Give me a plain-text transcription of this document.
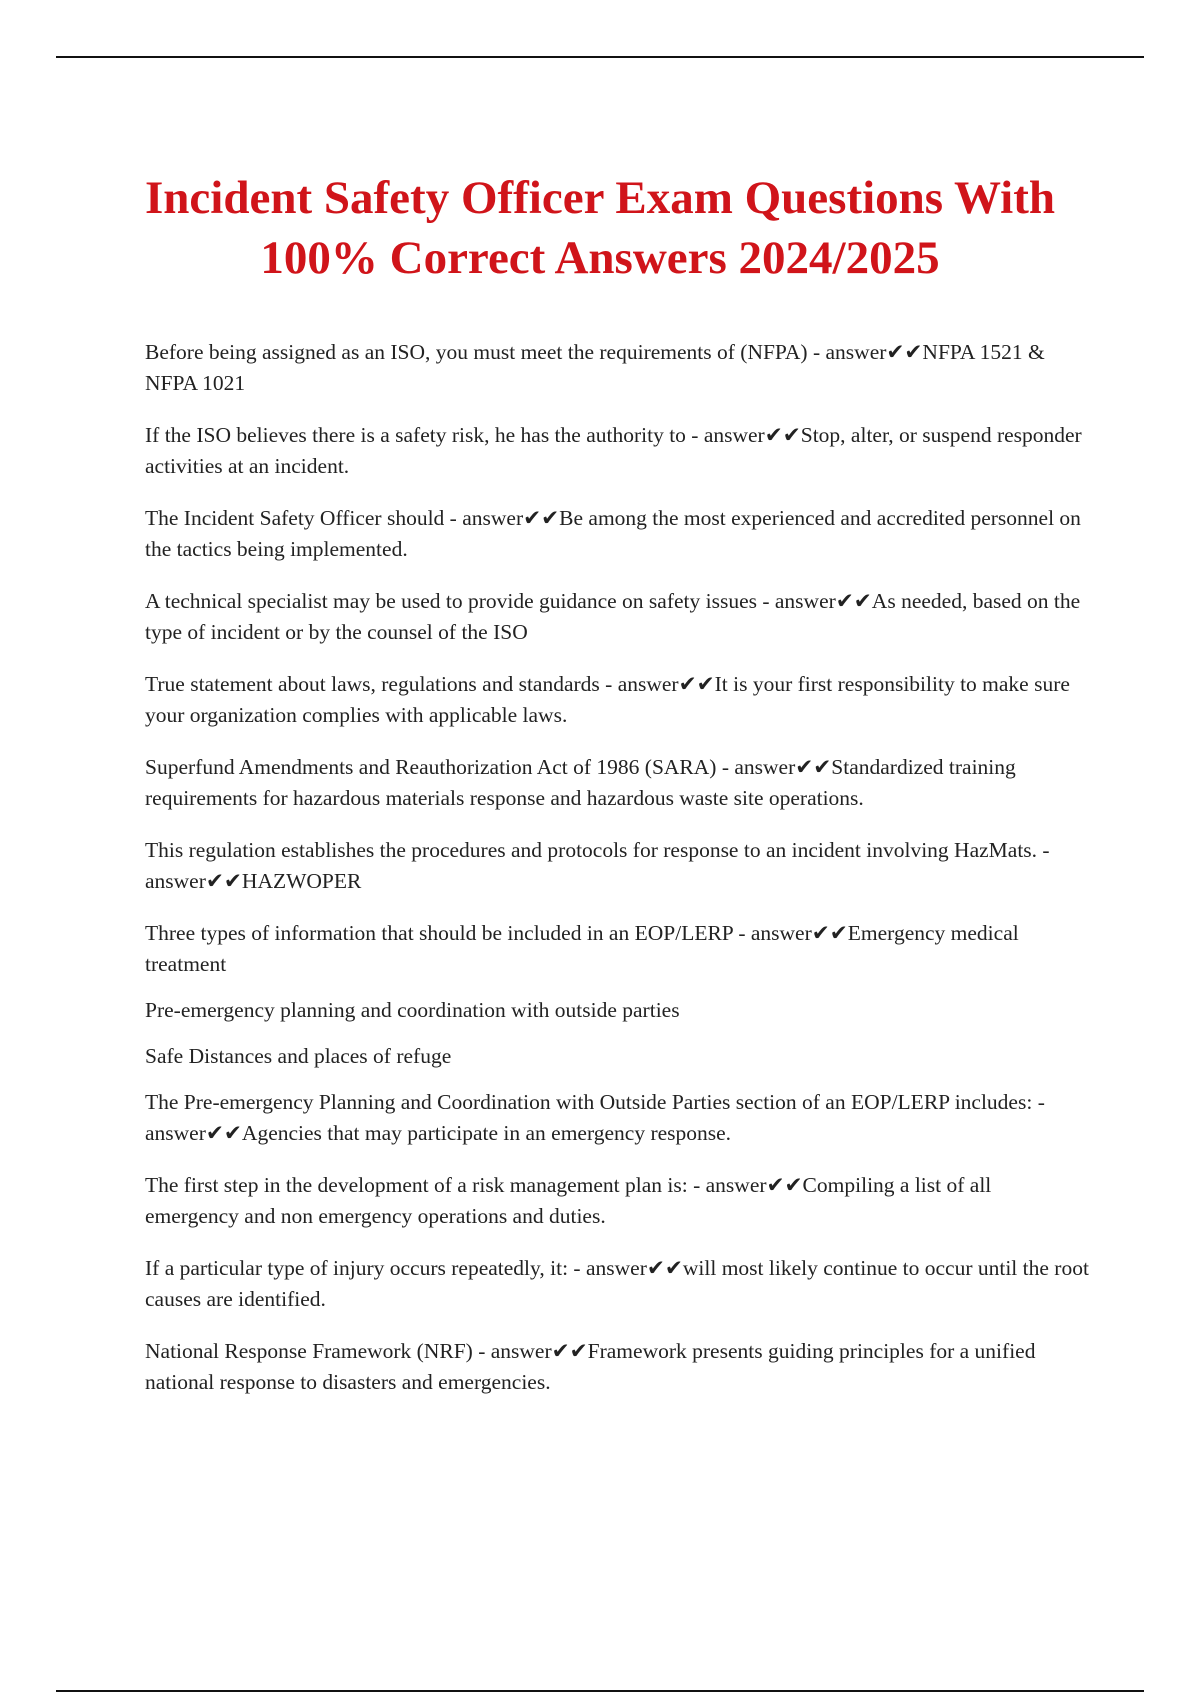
Incident Safety Officer Exam Questions With
100% Correct Answers 2024/2025

Before being assigned as an ISO, you must meet the requirements of (NFPA) - answer✔✔NFPA 1521 & NFPA 1021

If the ISO believes there is a safety risk, he has the authority to - answer✔✔Stop, alter, or suspend responder activities at an incident.

The Incident Safety Officer should - answer✔✔Be among the most experienced and accredited personnel on the tactics being implemented.

A technical specialist may be used to provide guidance on safety issues - answer✔✔As needed, based on the type of incident or by the counsel of the ISO

True statement about laws, regulations and standards - answer✔✔It is your first responsibility to make sure your organization complies with applicable laws.

Superfund Amendments and Reauthorization Act of 1986 (SARA) - answer✔✔Standardized training requirements for hazardous materials response and hazardous waste site operations.

This regulation establishes the procedures and protocols for response to an incident involving HazMats. - answer✔✔HAZWOPER

Three types of information that should be included in an EOP/LERP - answer✔✔Emergency medical treatment

Pre-emergency planning and coordination with outside parties

Safe Distances and places of refuge

The Pre-emergency Planning and Coordination with Outside Parties section of an EOP/LERP includes: - answer✔✔Agencies that may participate in an emergency response.

The first step in the development of a risk management plan is: - answer✔✔Compiling a list of all emergency and non emergency operations and duties.

If a particular type of injury occurs repeatedly, it: - answer✔✔will most likely continue to occur until the root causes are identified.

National Response Framework (NRF) - answer✔✔Framework presents guiding principles for a unified national response to disasters and emergencies.
